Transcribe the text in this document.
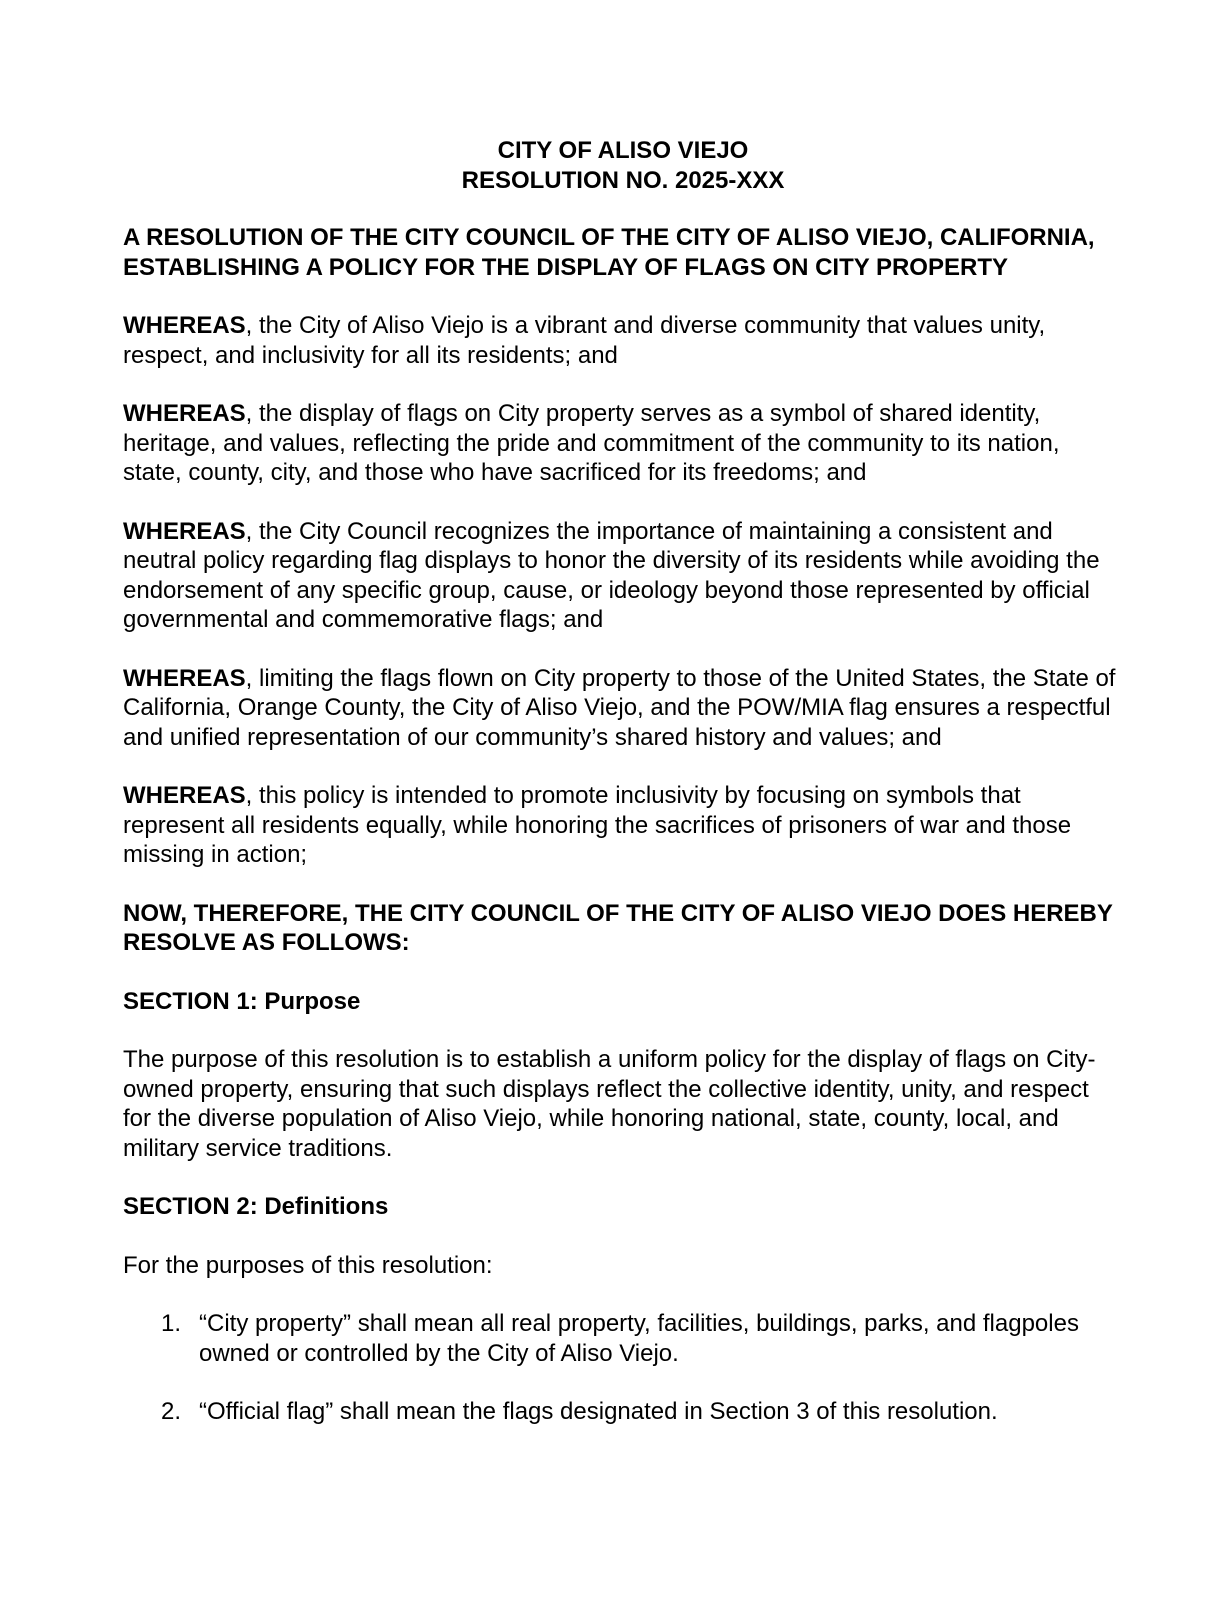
CITY OF ALISO VIEJO
RESOLUTION NO. 2025-XXX
A RESOLUTION OF THE CITY COUNCIL OF THE CITY OF ALISO VIEJO, CALIFORNIA, ESTABLISHING A POLICY FOR THE DISPLAY OF FLAGS ON CITY PROPERTY
WHEREAS, the City of Aliso Viejo is a vibrant and diverse community that values unity, respect, and inclusivity for all its residents; and
WHEREAS, the display of flags on City property serves as a symbol of shared identity, heritage, and values, reflecting the pride and commitment of the community to its nation, state, county, city, and those who have sacrificed for its freedoms; and
WHEREAS, the City Council recognizes the importance of maintaining a consistent and neutral policy regarding flag displays to honor the diversity of its residents while avoiding the endorsement of any specific group, cause, or ideology beyond those represented by official governmental and commemorative flags; and
WHEREAS, limiting the flags flown on City property to those of the United States, the State of California, Orange County, the City of Aliso Viejo, and the POW/MIA flag ensures a respectful and unified representation of our community’s shared history and values; and
WHEREAS, this policy is intended to promote inclusivity by focusing on symbols that represent all residents equally, while honoring the sacrifices of prisoners of war and those missing in action;
NOW, THEREFORE, THE CITY COUNCIL OF THE CITY OF ALISO VIEJO DOES HEREBY RESOLVE AS FOLLOWS:
SECTION 1: Purpose
The purpose of this resolution is to establish a uniform policy for the display of flags on City-owned property, ensuring that such displays reflect the collective identity, unity, and respect for the diverse population of Aliso Viejo, while honoring national, state, county, local, and military service traditions.
SECTION 2: Definitions
For the purposes of this resolution:
1. “City property” shall mean all real property, facilities, buildings, parks, and flagpoles owned or controlled by the City of Aliso Viejo.
2. “Official flag” shall mean the flags designated in Section 3 of this resolution.
